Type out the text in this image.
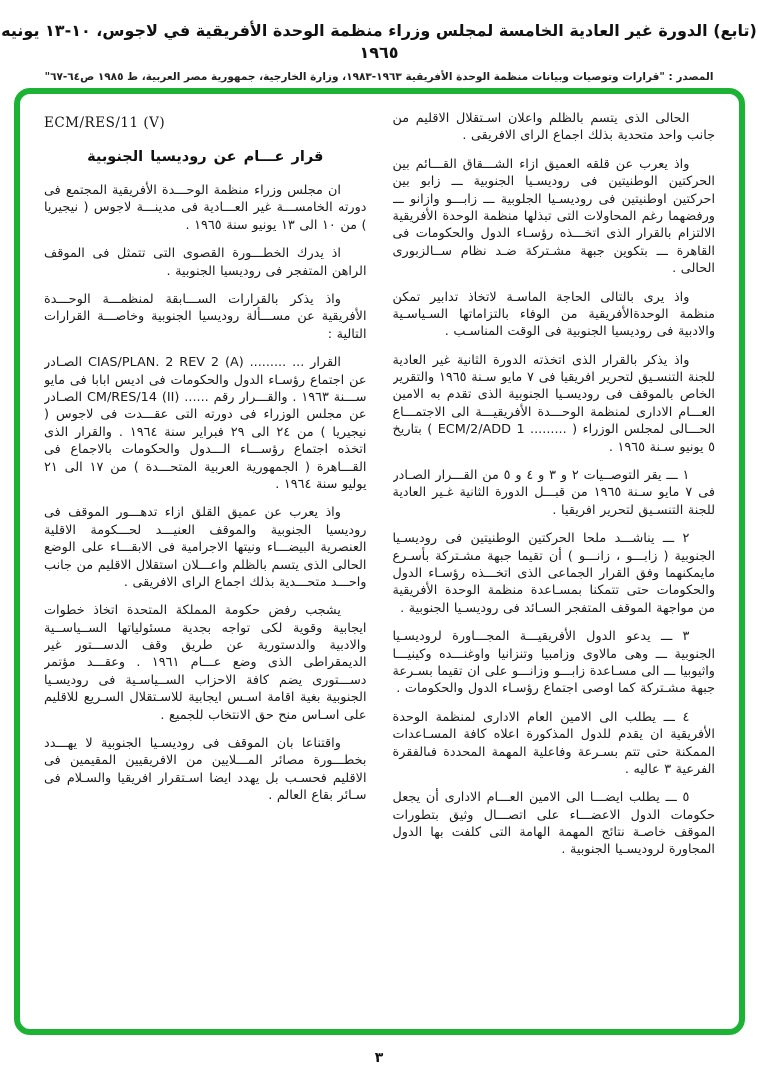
(تابع) الدورة غير العادية الخامسة لمجلس وزراء منظمة الوحدة الأفريقية في لاجوس، ١٠-١٣ يونيه ١٩٦٥
المصدر : "قرارات وتوصيات وبيانات منظمة الوحدة الأفريقية ١٩٦٣-١٩٨٣، وزارة الخارجية، جمهورية مصر العربية، ط ١٩٨٥ ص٦٤-٦٧"

الحالى الذى يتسم بالظلم واعلان اسـتقلال الاقليم من جانب واحد متحدية بذلك اجماع الراى الافريقى .

واذ يعرب عن قلقه العميق ازاء الشـــقاق القـــائم بين الحركتين الوطنيتين فى روديسـيا الجنوبية ـــ زابو بين احركتين اوطنيتين فى روديسـيا الجلوبية ـــ زابـــو وازانو ـــ ورفضهما رغم المحاولات التى تبذلها منظمة الوحدة الأفريقية الالتزام بالقرار الذى اتخـــذه رؤسـاء الدول والحكومات فى القاهرة ـــ بتكوين جبهة مشـتركة ضـد نظام ســالزبورى الحالى .

واذ يرى بالتالى الحاجة الماسـة لاتخاذ تدابير تمكن منظمة الوحدةالأفريقية من الوفاء بالتزاماتها السـياسـية والادبية فى روديسيا الجنوبية فى الوقت المناسـب .

واذ يذكر بالقرار الذى اتخذته الدورة الثانية غير العادية للجنة التنسـيق لتحرير افريقيا فى ٧ مايو سـنة ١٩٦٥ والتقرير الخاص بالموقف فى روديسـيا الجنوبية الذى تقدم به الامين العـــام الادارى لمنظمة الوحـــدة الأفريقيـــة الى الاجتمـــاع الحـــالى لمجلس الوزراء ( ⁦ECM/2/ADD 1 .........⁩ ) بتاريخ ٥ يونيو سـنة ١٩٦٥ .

١ ـــ يقر التوصــيات ٢ و ٣ و ٤ و ٥ من القـــرار الصـادر فى ٧ مايو سـنة ١٩٦٥ من قبـــل الدورة الثانية غـير العادية للجنة التنسـيق لتحرير افريقيا .

٢ ـــ يناشـــد ملحا الحركتين الوطنيتين فى روديسـيا الجنوبية ( زابـــو ، زانـــو ) أن تقيما جبهة مشـتركة بأسـرع مايمكنهما وفق القرار الجماعى الذى اتخـــذه رؤسـاء الدول والحكومات حتى تتمكنا بمسـاعدة منظمة الوحدة الأفريقية من مواجهة الموقف المتفجر السـائد فى روديسـيا الجنوبية .

٣ ـــ يدعو الدول الأفريقيـــة المجـــاورة لروديسـيا الجنوبية ـــ وهى مالاوى وزامبيا وتنزانيا واوغنـــده وكينيـــا واثيوبيا ـــ الى مسـاعدة زابـــو وزانـــو على ان تقيما بسـرعة جبهة مشـتركة كما اوصى اجتماع رؤسـاء الدول والحكومات .

٤ ـــ يطلب الى الامين العام الادارى لمنظمة الوحدة الأفريقية ان يقدم للدول المذكورة اعلاه كافة المسـاعدات الممكنة حتى تتم بسـرعة وفاعلية المهمة المحددة فىالفقرة الفرعية ٣ عاليه .

٥ ـــ يطلب ايضـــا الى الامين العـــام الادارى أن يجعل حكومات الدول الاعضـــاء على اتصـــال وثيق بتطورات الموقف خاصـة نتائج المهمة الهامة التى كلفت بها الدول المجاورة لروديسـيا الجنوبية .

ECM/RES/11 (V)
قرار عـــام عن روديسيا الجنوبية

ان مجلس وزراء منظمة الوحـــدة الأفريقية المجتمع فى دورته الخامســـة غير العـــادية فى مدينـــة لاجوس ( نيجيريا ) من ١٠ الى ١٣ يونيو سنة ١٩٦٥ .

اذ يدرك الخطـــورة القصوى التى تتمثل فى الموقف الراهن المتفجر فى روديسيا الجنوبية .

واذ يذكر بالقرارات الســـابقة لمنظمـــة الوحـــدة الأفريقية عن مســـألة روديسيا الجنوبية وخاصـــة القرارات التالية :

القرار ... ......... ⁦CIAS/PLAN. 2 REV 2 (A)⁩ الصـادر عن اجتماع رؤسـاء الدول والحكومات فى اديس ابابا فى مايو ســـنة ١٩٦٣ . والقـــرار رقم ...... ⁦CM/RES/14 (II)⁩ الصـادر عن مجلس الوزراء فى دورته التى عقـــدت فى لاجوس ( نيجيريا ) من ٢٤ الى ٢٩ فبراير سنة ١٩٦٤ . والقرار الذى اتخذه اجتماع رؤســـاء الـــدول والحكومات بالاجماع فى القـــاهرة ( الجمهورية العربية المتحـــدة ) من ١٧ الى ٢١ يوليو سنة ١٩٦٤ .

واذ يعرب عن عميق القلق ازاء تدهـــور الموقف فى روديسيا الجنوبية والموقف العنيـــد لحـــكومة الاقلية العنصرية البيضـــاء ونيتها الاجرامية فى الابقـــاء على الوضع الحالى الذى يتسم بالظلم واعـــلان استقلال الاقليم من جانب واحـــد متحـــدية بذلك اجماع الراى الافريقى .

يشجب رفض حكومة المملكة المتحدة اتخاذ خطوات ايجابية وقوية لكى تواجه بجدية مسئولياتها الســياســية والادبية والدستورية عن طريق وقف الدســـتور غير الديمقراطى الذى وضع عـــام ١٩٦١ . وعقـــد مؤتمر دســـتورى يضم كافة الاحزاب الســياسـية فى روديسـيا الجنوبية بغية اقامة اسـس ايجابية للاسـتقلال السـريع للاقليم على اسـاس منح حق الانتخاب للجميع .

واقتناعا بان الموقف فى روديسـيا الجنوبية لا يهـــدد بخطـــورة مصائر المـــلايين من الافريقيين المقيمين فى الاقليم فحسـب بل يهدد ايضا اسـتقرار افريقيا والسـلام فى سـائر بقاع العالم .

٣
